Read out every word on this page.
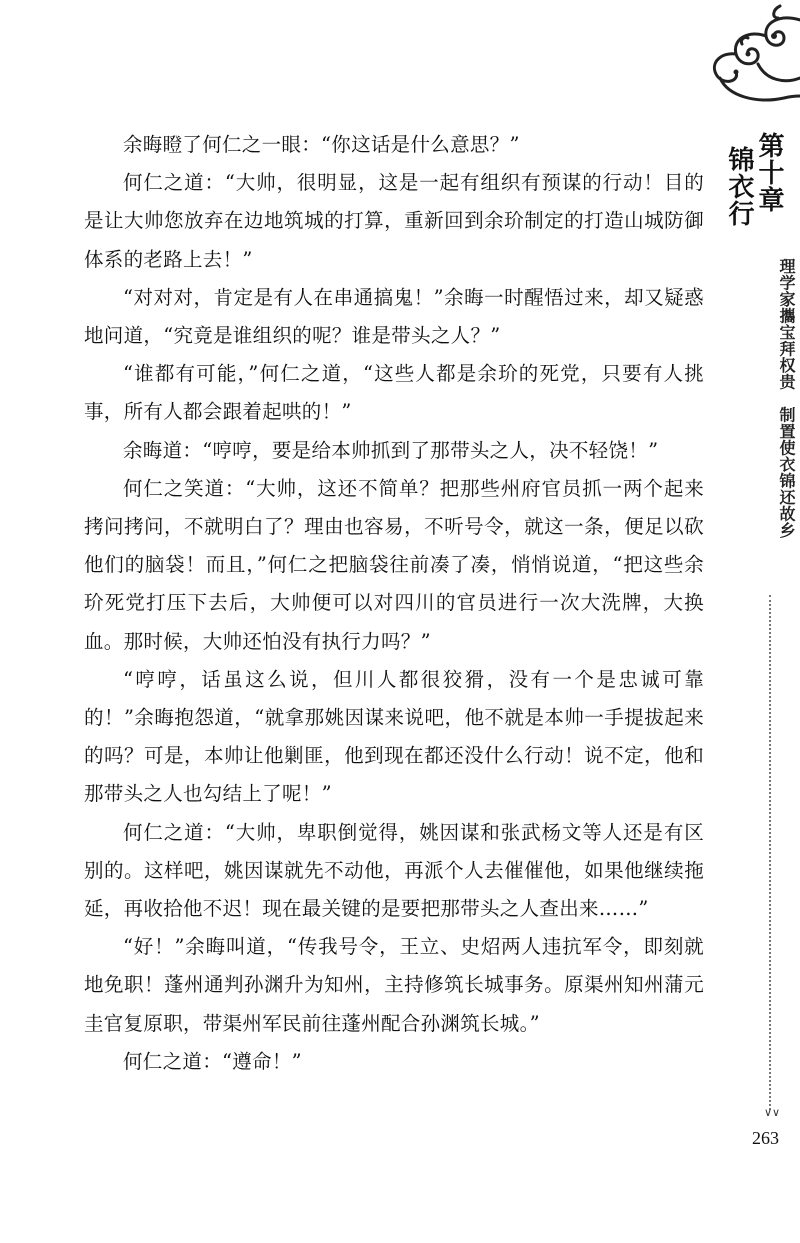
余晦瞪了何仁之一眼：“你这话是什么意思？”

何仁之道：“大帅，很明显，这是一起有组织有预谋的行动！目的是让大帅您放弃在边地筑城的打算，重新回到余玠制定的打造山城防御体系的老路上去！”

“对对对，肯定是有人在串通搞鬼！”余晦一时醒悟过来，却又疑惑地问道，“究竟是谁组织的呢？谁是带头之人？”

“谁都有可能，”何仁之道，“这些人都是余玠的死党，只要有人挑事，所有人都会跟着起哄的！”

余晦道：“哼哼，要是给本帅抓到了那带头之人，决不轻饶！”

何仁之笑道：“大帅，这还不简单？把那些州府官员抓一两个起来拷问拷问，不就明白了？理由也容易，不听号令，就这一条，便足以砍他们的脑袋！而且，”何仁之把脑袋往前凑了凑，悄悄说道，“把这些余玠死党打压下去后，大帅便可以对四川的官员进行一次大洗牌，大换血。那时候，大帅还怕没有执行力吗？”

“哼哼，话虽这么说，但川人都很狡猾，没有一个是忠诚可靠的！”余晦抱怨道，“就拿那姚因谋来说吧，他不就是本帅一手提拔起来的吗？可是，本帅让他剿匪，他到现在都还没什么行动！说不定，他和那带头之人也勾结上了呢！”

何仁之道：“大帅，卑职倒觉得，姚因谋和张武杨文等人还是有区别的。这样吧，姚因谋就先不动他，再派个人去催催他，如果他继续拖延，再收拾他不迟！现在最关键的是要把那带头之人查出来……”

“好！”余晦叫道，“传我号令，王立、史炤两人违抗军令，即刻就地免职！蓬州通判孙渊升为知州，主持修筑长城事务。原渠州知州蒲元圭官复原职，带渠州军民前往蓬州配合孙渊筑长城。”

何仁之道：“遵命！”

第十章
锦衣行
理学家攜宝拜权贵　制置使衣锦还故乡
∨∨
263
